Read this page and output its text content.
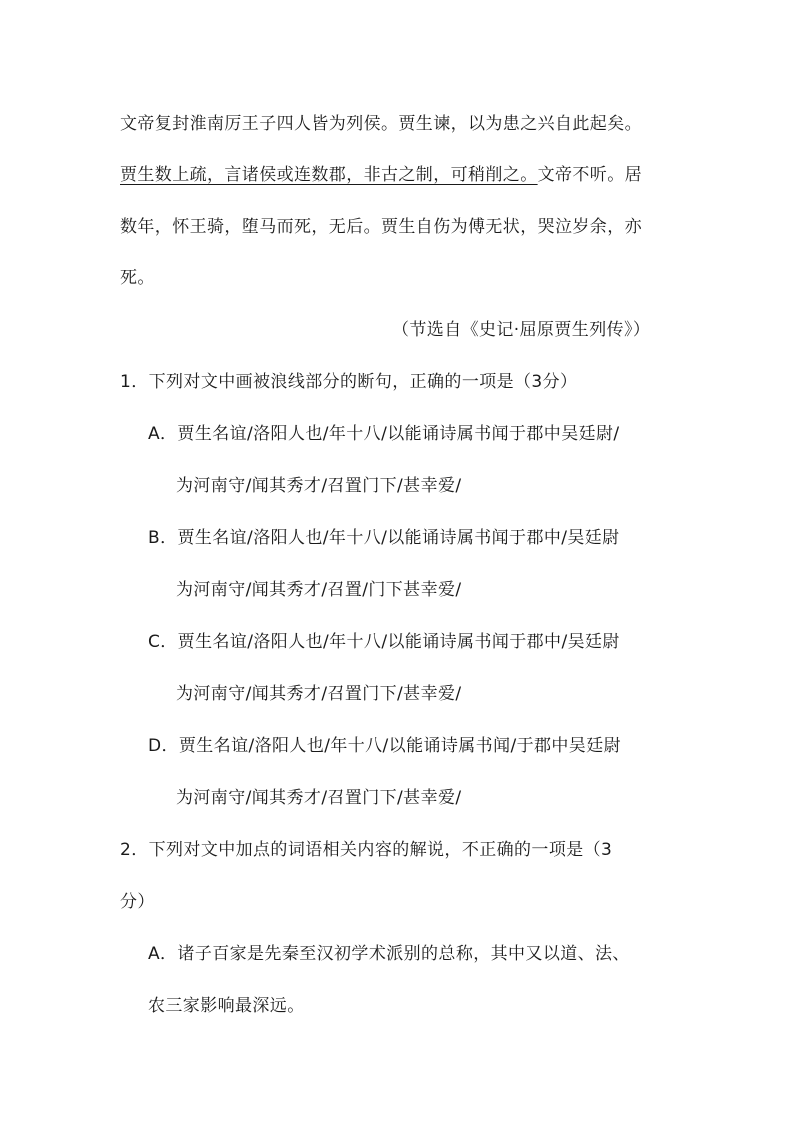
文帝复封淮南厉王子四人皆为列侯。贾生谏，以为患之兴自此起矣。
贾生数上疏，言诸侯或连数郡，非古之制，可稍削之。文帝不听。居
数年，怀王骑，堕马而死，无后。贾生自伤为傅无状，哭泣岁余，亦
死。
（节选自《史记·屈原贾生列传》）
1．下列对文中画被浪线部分的断句，正确的一项是（3分）
A．贾生名谊/洛阳人也/年十八/以能诵诗属书闻于郡中吴廷尉/
为河南守/闻其秀才/召置门下/甚幸爱/
B．贾生名谊/洛阳人也/年十八/以能诵诗属书闻于郡中/吴廷尉
为河南守/闻其秀才/召置/门下甚幸爱/
C．贾生名谊/洛阳人也/年十八/以能诵诗属书闻于郡中/吴廷尉
为河南守/闻其秀才/召置门下/甚幸爱/
D．贾生名谊/洛阳人也/年十八/以能诵诗属书闻/于郡中吴廷尉
为河南守/闻其秀才/召置门下/甚幸爱/
2．下列对文中加点的词语相关内容的解说，不正确的一项是（3
分）
A．诸子百家是先秦至汉初学术派别的总称，其中又以道、法、
农三家影响最深远。
